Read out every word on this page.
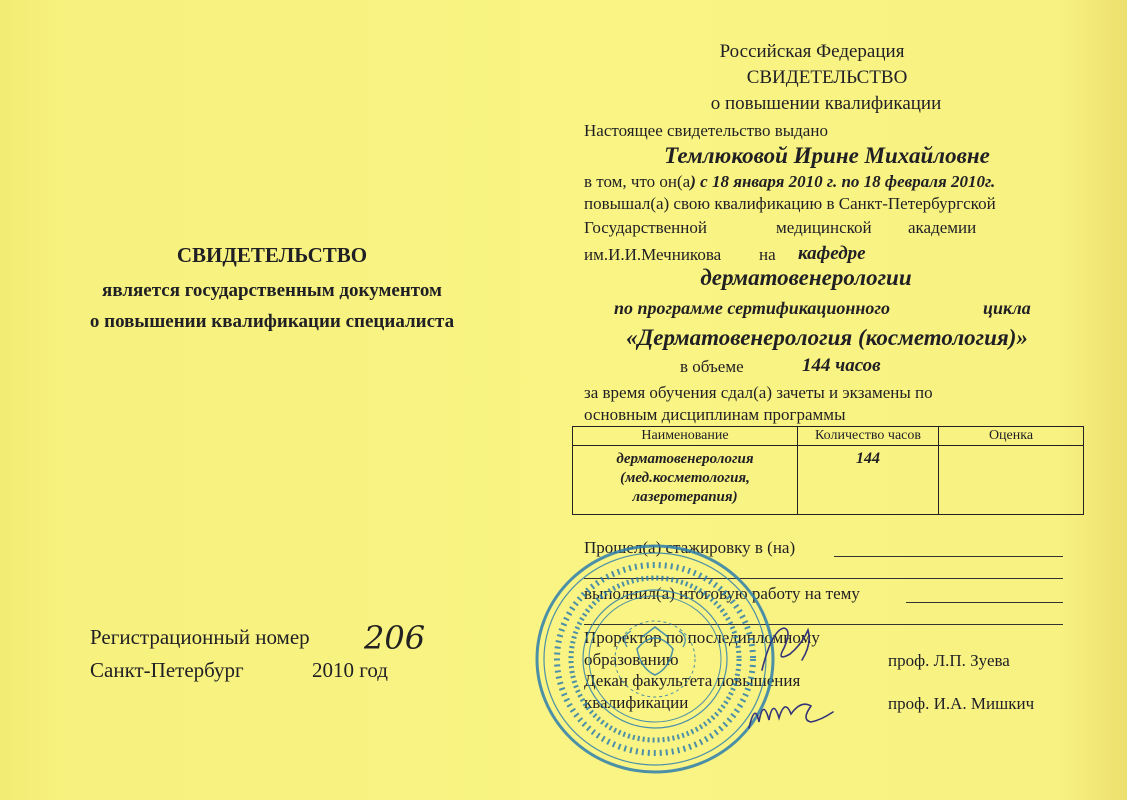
СВИДЕТЕЛЬСТВО
является государственным документом
о повышении квалификации специалиста
Регистрационный номер 206
Санкт-Петербург	2010 год
Российская Федерация
СВИДЕТЕЛЬСТВО
о повышении квалификации
Настоящее свидетельство выдано
Темлюковой Ирине Михайловне
в том, что он(а) с 18 января 2010 г. по 18 февраля 2010г.
повышал(а) свою квалификацию в Санкт-Петербургской
Государственной	медицинской академии
им.И.И.Мечникова на кафедре
дерматовенерологии
по программе сертификационного	цикла
«Дерматовенерология (косметология)»
в объеме	144 часов
за время обучения сдал(а) зачеты и экзамены по
основным дисциплинам программы
Наименование	Количество часов	Оценка
дерматовенерология (мед.косметология, лазеротерапия)	144	
Прошел(а) стажировку в (на)
выполнил(а) итоговую работу на тему
Проректор по последипломному
образованию	проф. Л.П. Зуева
Декан факультета повышения
квалификации	проф. И.А. Мишкич
